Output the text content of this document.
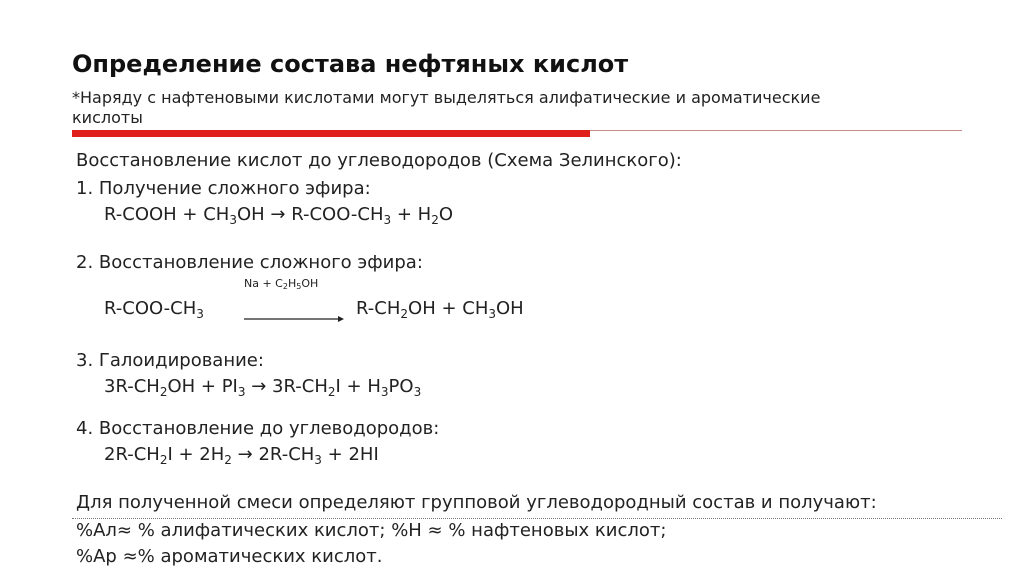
Определение состава нефтяных кислот
*Наряду с нафтеновыми кислотами могут выделяться алифатические и ароматические
кислоты
Восстановление кислот до углеводородов (Схема Зелинского):
1. Получение сложного эфира:
R-COOH + $CH_3OH \to R-COO-CH_3 + H_2O$
2. Восстановление сложного эфира:
$Na + C_2H_5OH$
$R-COO-CH_3$	$R-CH_2OH + CH_3OH$
3. Галоидирование:
$3R-CH_2OH + PI_3 \to 3R-CH_2I + H_3PO_3$
4. Восстановление до углеводородов:
$2R-CH_2I + 2H_2 \to 2R-CH_3 + 2HI$
Для полученной смеси определяют групповой углеводородный состав и получают:
%Ал≈ % алифатических кислот; %Н ≈ % нафтеновых кислот;
%Ар ≈% ароматических кислот.
